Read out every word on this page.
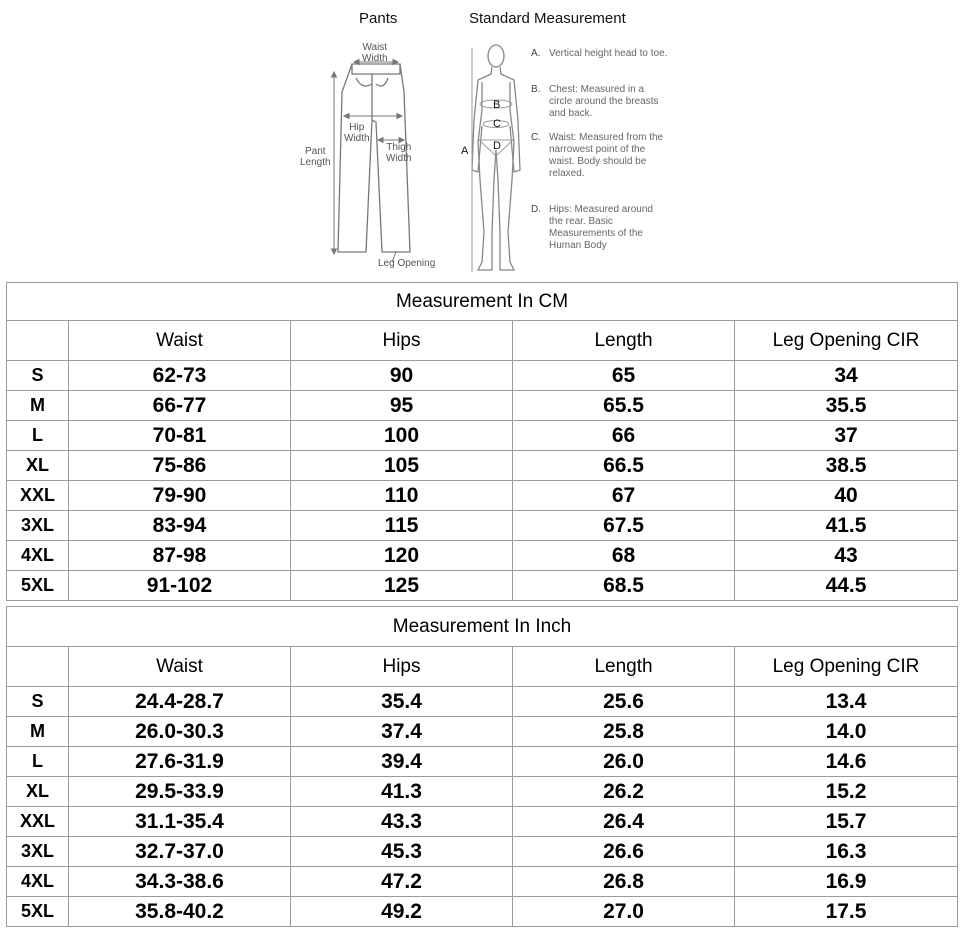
Pants	Standard Measurement
Waist
Width
Hip
Width
Pant
Length
Thigh
Width
Leg Opening
A
B
C
D
A. Vertical height head to toe.
B. Chest: Measured in a circle around the breasts and back.
C. Waist: Measured from the narrowest point of the waist. Body should be relaxed.
D. Hips: Measured around the rear. Basic Measurements of the Human Body
Measurement In CM				
	Waist	Hips	Length	Leg Opening CIR
S	62-73	90	65	34
M	66-77	95	65.5	35.5
L	70-81	100	66	37
XL	75-86	105	66.5	38.5
XXL	79-90	110	67	40
3XL	83-94	115	67.5	41.5
4XL	87-98	120	68	43
5XL	91-102	125	68.5	44.5
Measurement In Inch				
	Waist	Hips	Length	Leg Opening CIR
S	24.4-28.7	35.4	25.6	13.4
M	26.0-30.3	37.4	25.8	14.0
L	27.6-31.9	39.4	26.0	14.6
XL	29.5-33.9	41.3	26.2	15.2
XXL	31.1-35.4	43.3	26.4	15.7
3XL	32.7-37.0	45.3	26.6	16.3
4XL	34.3-38.6	47.2	26.8	16.9
5XL	35.8-40.2	49.2	27.0	17.5
